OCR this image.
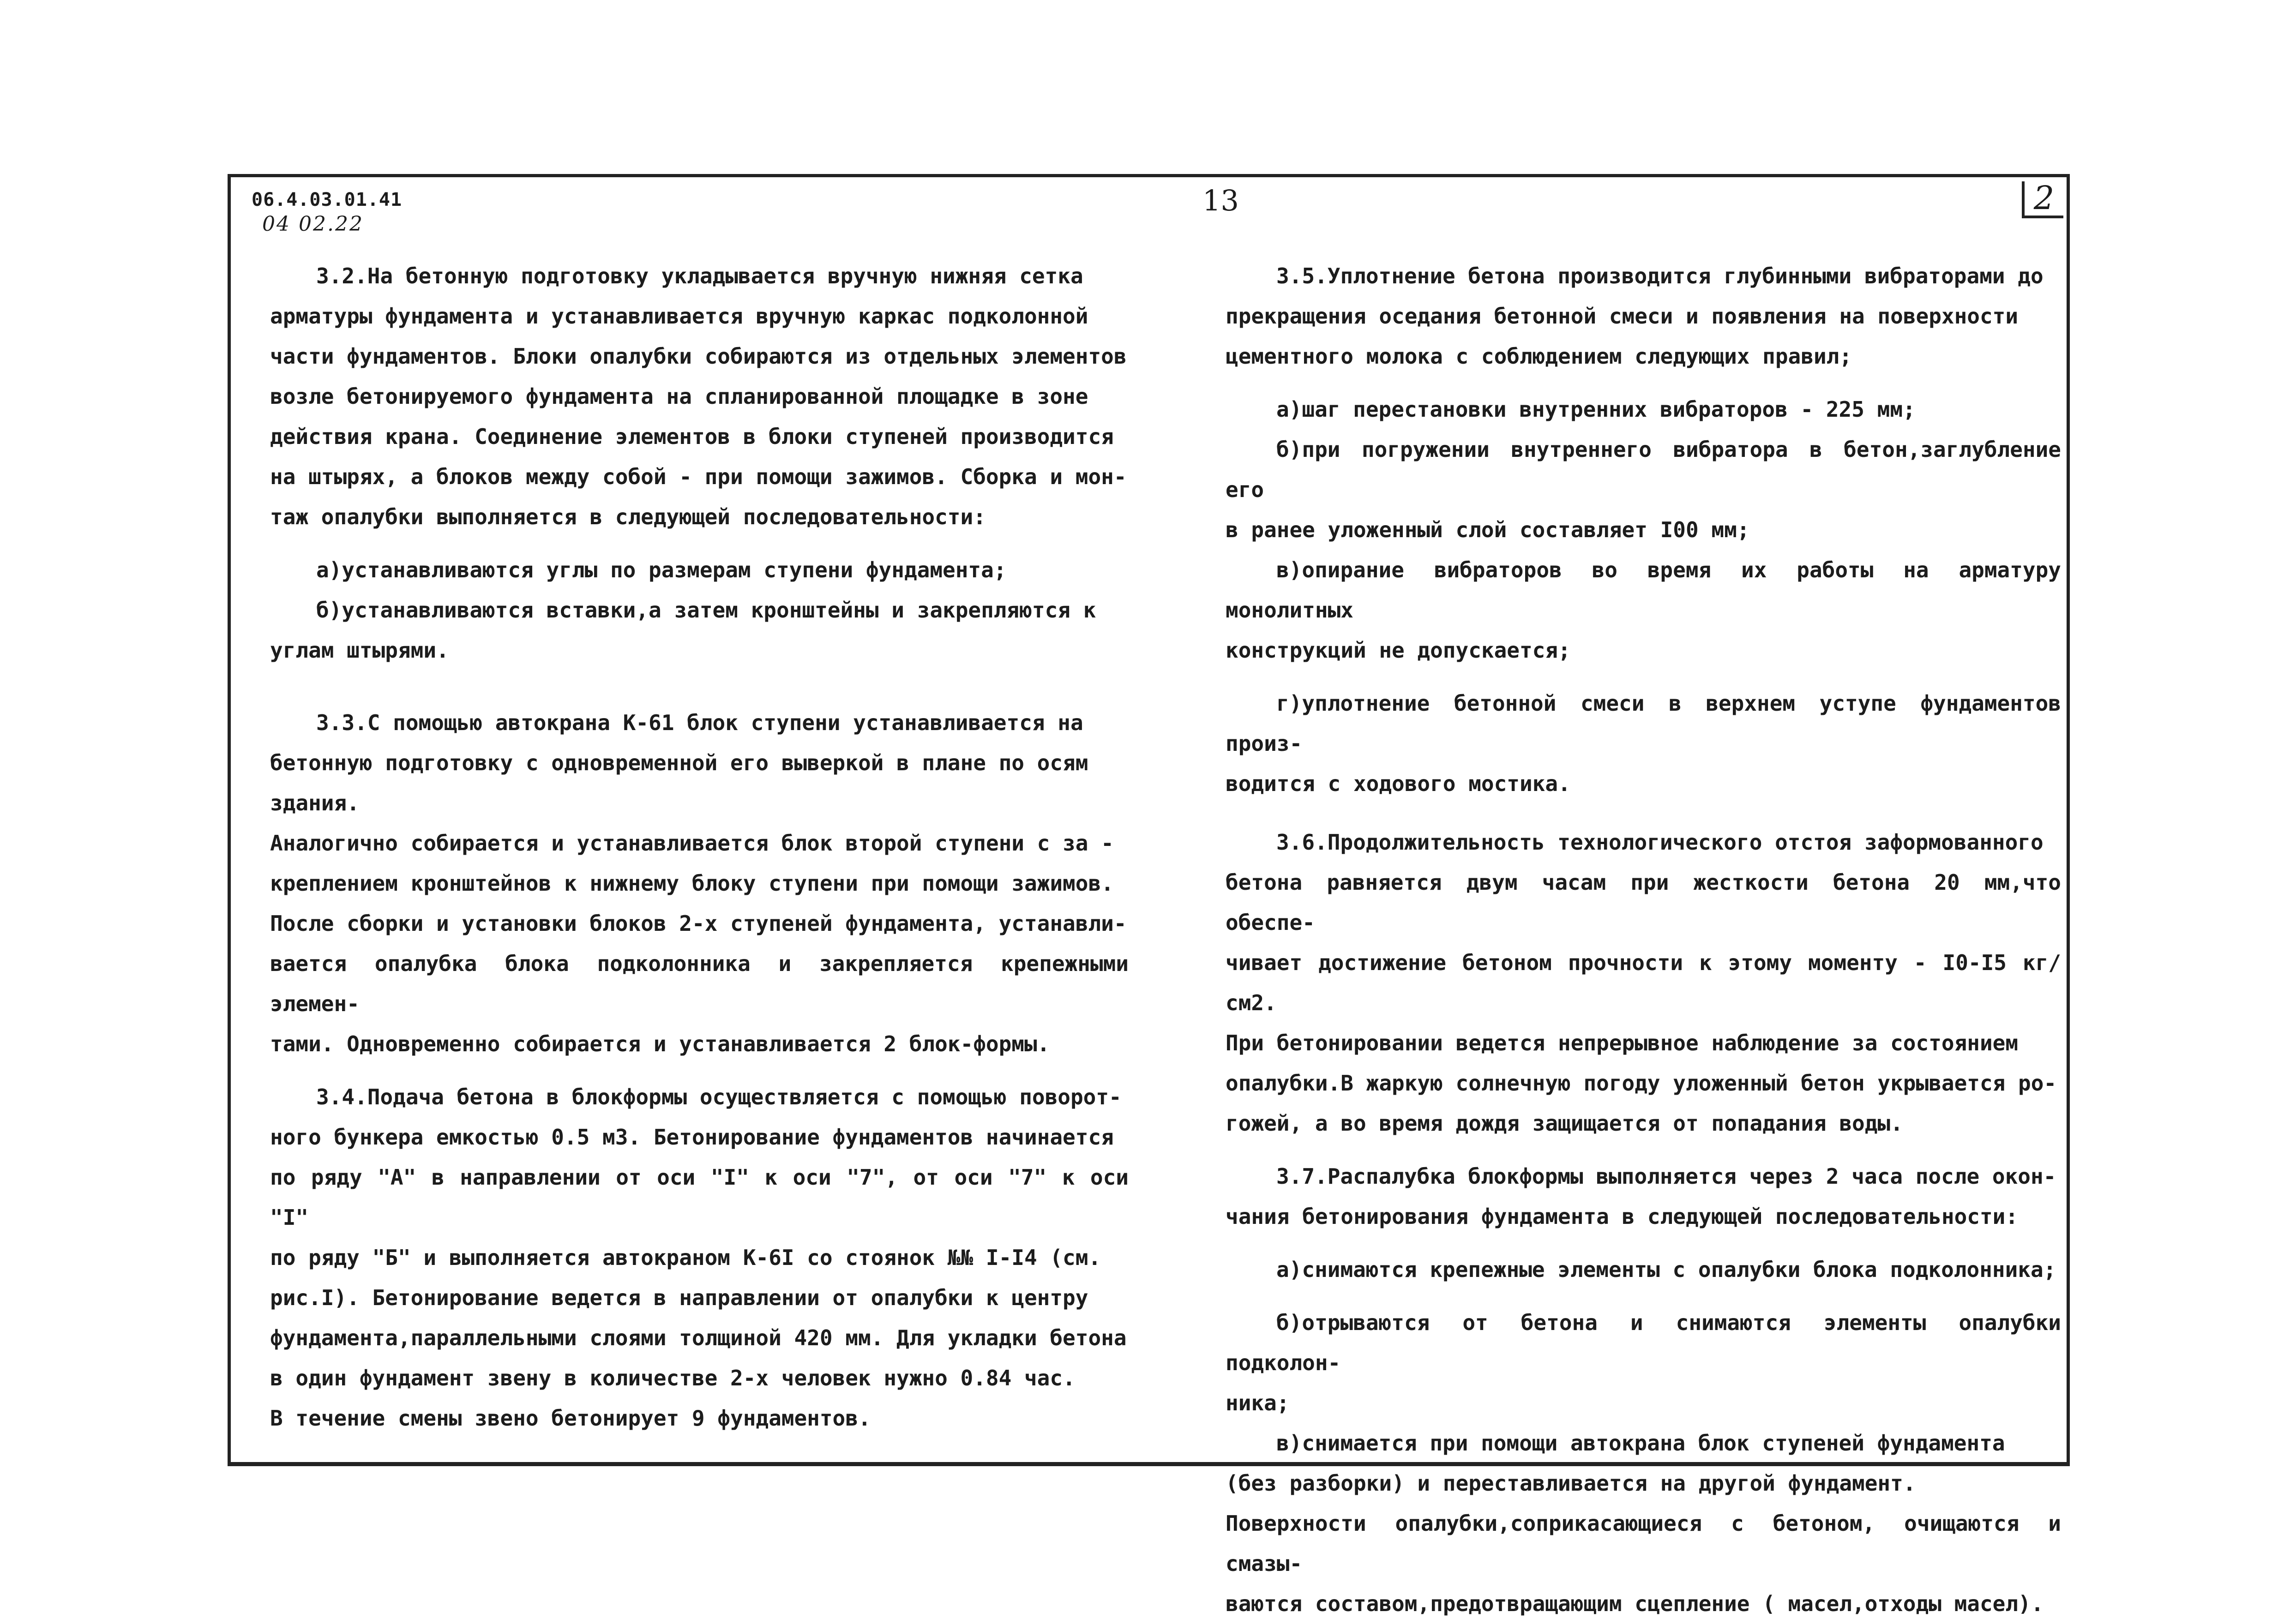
06.4.03.01.41
04 02.22
13	2

3.2.На бетонную подготовку укладывается вручную нижняя сетка
арматуры фундамента и устанавливается вручную каркас подколонной
части фундаментов. Блоки опалубки собираются из отдельных элементов
возле бетонируемого фундамента на спланированной площадке в зоне
действия крана. Соединение элементов в блоки ступеней производится
на штырях, а блоков между собой - при помощи зажимов. Сборка и мон-
таж опалубки выполняется в следующей последовательности:

а)устанавливаются углы по размерам ступени фундамента;

б)устанавливаются вставки,а затем кронштейны и закрепляются к
углам штырями.

3.3.С помощью автокрана К-61 блок ступени устанавливается на
бетонную подготовку с одновременной его выверкой в плане по осям
здания.

Аналогично собирается и устанавливается блок второй ступени с за -
креплением кронштейнов к нижнему блоку ступени при помощи зажимов.
После сборки и установки блоков 2-х ступеней фундамента, устанавли-
вается опалубка блока подколонника и закрепляется крепежными элемен-
тами. Одновременно собирается и устанавливается 2 блок-формы.

3.4.Подача бетона в блокформы осуществляется с помощью поворот-
ного бункера емкостью 0.5 м3. Бетонирование фундаментов начинается
по ряду "А" в направлении от оси "I" к оси "7", от оси "7" к оси "I"
по ряду "Б" и выполняется автокраном К-6I со стоянок №№ I-I4 (см.
рис.I). Бетонирование ведется в направлении от опалубки к центру
фундамента,параллельными слоями толщиной 420 мм. Для укладки бетона
в один фундамент звену в количестве 2-х человек нужно 0.84 час.
В течение смены звено бетонирует 9 фундаментов.

3.5.Уплотнение бетона производится глубинными вибраторами до
прекращения оседания бетонной смеси и появления на поверхности
цементного молока с соблюдением следующих правил;

а)шаг перестановки внутренних вибраторов - 225 мм;

б)при погружении внутреннего вибратора в бетон,заглубление его
в ранее уложенный слой составляет I00 мм;

в)опирание вибраторов во время их работы на арматуру монолитных
конструкций не допускается;

г)уплотнение бетонной смеси в верхнем уступе фундаментов произ-
водится с ходового мостика.

3.6.Продолжительность технологического отстоя заформованного
бетона равняется двум часам при жесткости бетона 20 мм,что обеспе-
чивает достижение бетоном прочности к этому моменту - I0-I5 кг/см2.
При бетонировании ведется непрерывное наблюдение за состоянием
опалубки.В жаркую солнечную погоду уложенный бетон укрывается ро-
гожей, а во время дождя защищается от попадания воды.

3.7.Распалубка блокформы выполняется через 2 часа после окон-
чания бетонирования фундамента в следующей последовательности:

а)снимаются крепежные элементы с опалубки блока подколонника;

б)отрываются от бетона и снимаются элементы опалубки подколон-
ника;

в)снимается при помощи автокрана блок ступеней фундамента
(без разборки) и переставливается на другой фундамент.
Поверхности опалубки,соприкасающиеся с бетоном, очищаются и смазы-
ваются составом,предотвращающим сцепление ( масел,отходы масел).
